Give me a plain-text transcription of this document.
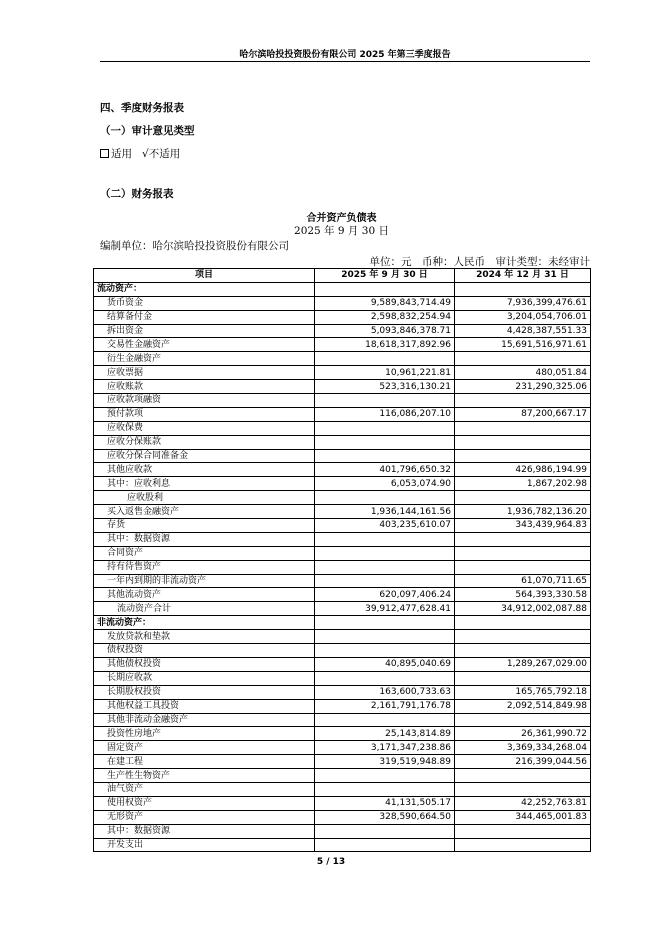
哈尔滨哈投投资股份有限公司 2025 年第三季度报告
四、季度财务报表
（一）审计意见类型
适用 √不适用
（二）财务报表
合并资产负债表
2025 年 9 月 30 日
编制单位：哈尔滨哈投投资股份有限公司
单位：元　币种：人民币　审计类型：未经审计
项目	2025 年 9 月 30 日	2024 年 12 月 31 日
流动资产：		
货币资金	9,589,843,714.49	7,936,399,476.61
结算备付金	2,598,832,254.94	3,204,054,706.01
拆出资金	5,093,846,378.71	4,428,387,551.33
交易性金融资产	18,618,317,892.96	15,691,516,971.61
衍生金融资产		
应收票据	10,961,221.81	480,051.84
应收账款	523,316,130.21	231,290,325.06
应收款项融资		
预付款项	116,086,207.10	87,200,667.17
应收保费		
应收分保账款		
应收分保合同准备金		
其他应收款	401,796,650.32	426,986,194.99
其中：应收利息	6,053,074.90	1,867,202.98
应收股利		
买入返售金融资产	1,936,144,161.56	1,936,782,136.20
存货	403,235,610.07	343,439,964.83
其中：数据资源		
合同资产		
持有待售资产		
一年内到期的非流动资产		61,070,711.65
其他流动资产	620,097,406.24	564,393,330.58
流动资产合计	39,912,477,628.41	34,912,002,087.88
非流动资产：		
发放贷款和垫款		
债权投资		
其他债权投资	40,895,040.69	1,289,267,029.00
长期应收款		
长期股权投资	163,600,733.63	165,765,792.18
其他权益工具投资	2,161,791,176.78	2,092,514,849.98
其他非流动金融资产		
投资性房地产	25,143,814.89	26,361,990.72
固定资产	3,171,347,238.86	3,369,334,268.04
在建工程	319,519,948.89	216,399,044.56
生产性生物资产		
油气资产		
使用权资产	41,131,505.17	42,252,763.81
无形资产	328,590,664.50	344,465,001.83
其中：数据资源		
开发支出		
5 / 13
